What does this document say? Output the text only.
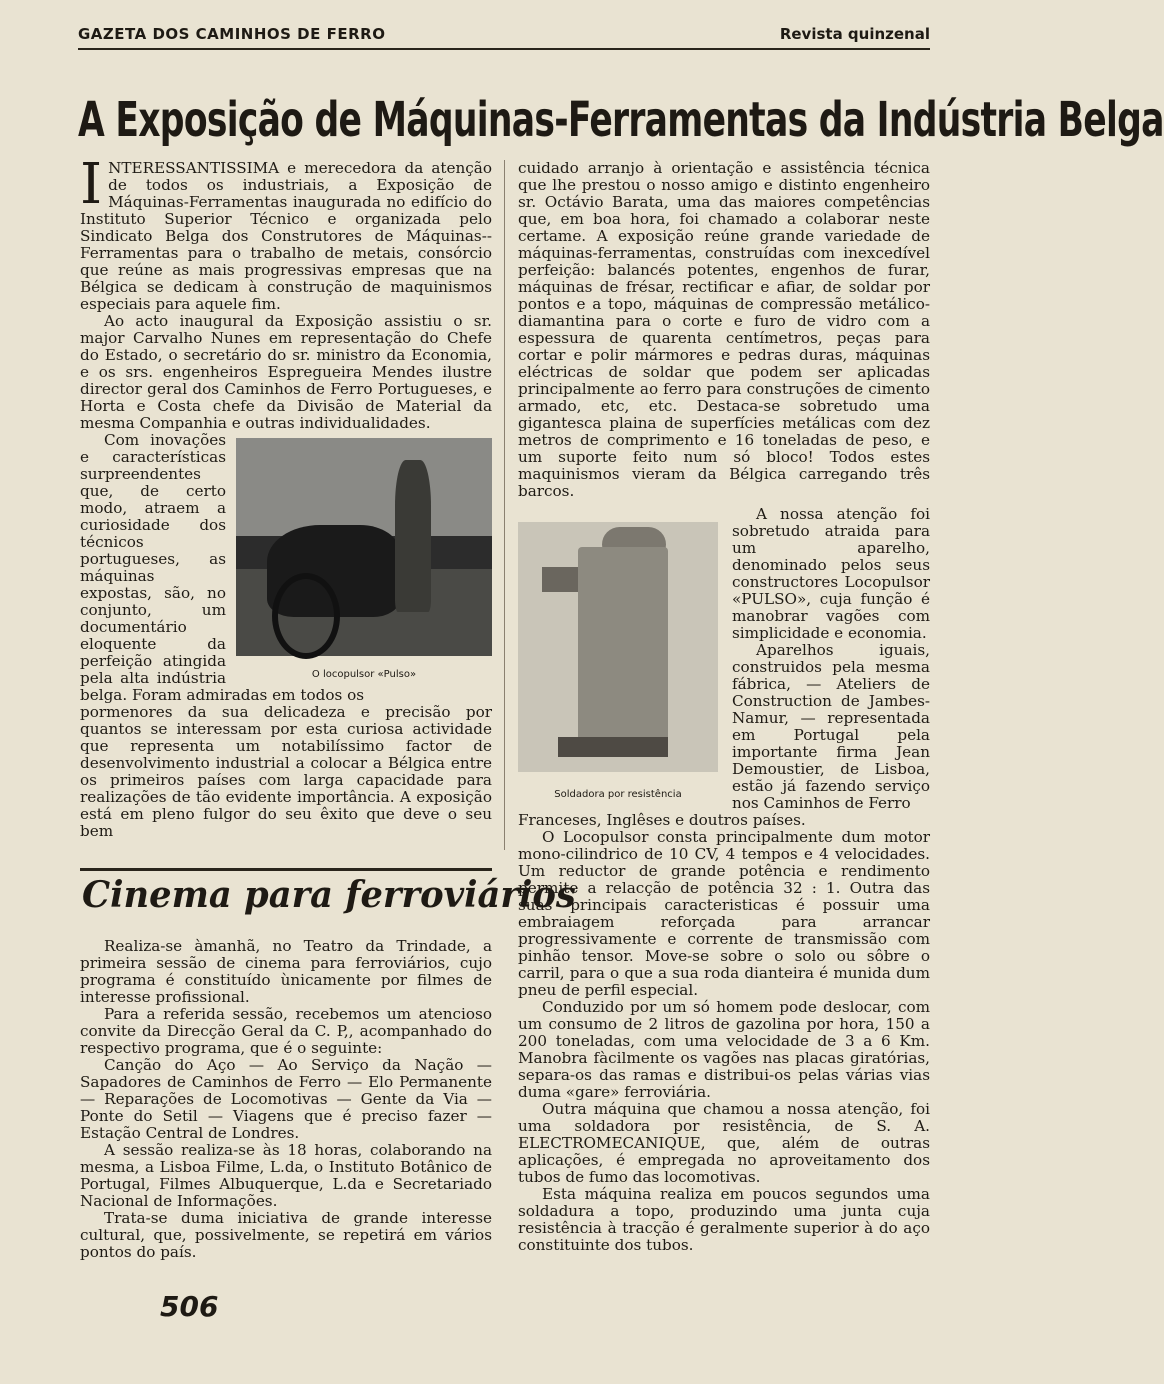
GAZETA DOS CAMINHOS DE FERRO	Revista quinzenal
A Exposição de Máquinas-Ferramentas da Indústria Belga

INTERESSANTISSIMA e merecedora da atenção de todos os industriais, a Exposição de Máquinas-Ferramentas inaugurada no edifício do Instituto Superior Técnico e organizada pelo Sindicato Belga dos Construtores de Máquinas--Ferramentas para o trabalho de metais, consórcio que reúne as mais progressivas empresas que na Bélgica se dedicam à construção de maquinismos especiais para aquele fim.

Ao acto inaugural da Exposição assistiu o sr. major Carvalho Nunes em representação do Chefe do Estado, o secretário do sr. ministro da Economia, e os srs. engenheiros Espregueira Mendes ilustre director geral dos Caminhos de Ferro Portugueses, e Horta e Costa chefe da Divisão de Material da mesma Companhia e outras individualidades.

O locopulsor «Pulso»

Com inovações e características surpreendentes que, de certo modo, atraem a curiosidade dos técnicos portugueses, as máquinas expostas, são, no conjunto, um documentário eloquente da perfeição atingida pela alta indústria belga. Foram admiradas em todos os

pormenores da sua delicadeza e precisão por quantos se interessam por esta curiosa actividade que representa um notabilíssimo factor de desenvolvimento industrial a colocar a Bélgica entre os primeiros países com larga capacidade para realizações de tão evidente importância. A exposição está em pleno fulgor do seu êxito que deve o seu bem

cuidado arranjo à orientação e assistência técnica que lhe prestou o nosso amigo e distinto engenheiro sr. Octávio Barata, uma das maiores competências que, em boa hora, foi chamado a colaborar neste certame. A exposição reúne grande variedade de máquinas-ferramentas, construídas com inexcedível perfeição: balancés potentes, engenhos de furar, máquinas de frésar, rectificar e afiar, de soldar por pontos e a topo, máquinas de compressão metálico-diamantina para o corte e furo de vidro com a espessura de quarenta centímetros, peças para cortar e polir mármores e pedras duras, máquinas eléctricas de soldar que podem ser aplicadas principalmente ao ferro para construções de cimento armado, etc, etc. Destaca-se sobretudo uma gigantesca plaina de superfícies metálicas com dez metros de comprimento e 16 toneladas de peso, e um suporte feito num só bloco! Todos estes maquinismos vieram da Bélgica carregando três barcos.

Soldadora por resistência

A nossa atenção foi sobretudo atraida para um aparelho, denominado pelos seus constructores Locopulsor «PULSO», cuja função é manobrar vagões com simplicidade e economia.

Aparelhos iguais, construidos pela mesma fábrica, — Ateliers de Construction de Jambes-Namur, — representada em Portugal pela importante firma Jean Demoustier, de Lisboa, estão já fazendo serviço nos Caminhos de Ferro

Franceses, Inglêses e doutros países.

O Locopulsor consta principalmente dum motor mono-cilindrico de 10 CV, 4 tempos e 4 velocidades. Um reductor de grande potência e rendimento permite a relacção de potência 32 : 1. Outra das suas principais caracteristicas é possuir uma embraiagem reforçada para arrancar progressivamente e corrente de transmissão com pinhão tensor. Move-se sobre o solo ou sôbre o carril, para o que a sua roda dianteira é munida dum pneu de perfil especial.

Conduzido por um só homem pode deslocar, com um consumo de 2 litros de gazolina por hora, 150 a 200 toneladas, com uma velocidade de 3 a 6 Km. Manobra fàcilmente os vagões nas placas giratórias, separa-os das ramas e distribui-os pelas várias vias duma «gare» ferroviária.

Outra máquina que chamou a nossa atenção, foi uma soldadora por resistência, de S. A. ELECTROMECANIQUE, que, além de outras aplicações, é empregada no aproveitamento dos tubos de fumo das locomotivas.

Esta máquina realiza em poucos segundos uma soldadura a topo, produzindo uma junta cuja resistência à tracção é geralmente superior à do aço constituinte dos tubos.

Cinema para ferroviários

Realiza-se àmanhã, no Teatro da Trindade, a primeira sessão de cinema para ferroviários, cujo programa é constituído ùnicamente por filmes de interesse profissional.

Para a referida sessão, recebemos um atencioso convite da Direcção Geral da C. P,, acompanhado do respectivo programa, que é o seguinte:

Canção do Aço — Ao Serviço da Nação — Sapadores de Caminhos de Ferro — Elo Permanente — Reparações de Locomotivas — Gente da Via — Ponte do Setil — Viagens que é preciso fazer — Estação Central de Londres.

A sessão realiza-se às 18 horas, colaborando na mesma, a Lisboa Filme, L.da, o Instituto Botânico de Portugal, Filmes Albuquerque, L.da e Secretariado Nacional de Informações.

Trata-se duma iniciativa de grande interesse cultural, que, possivelmente, se repetirá em vários pontos do país.

506
